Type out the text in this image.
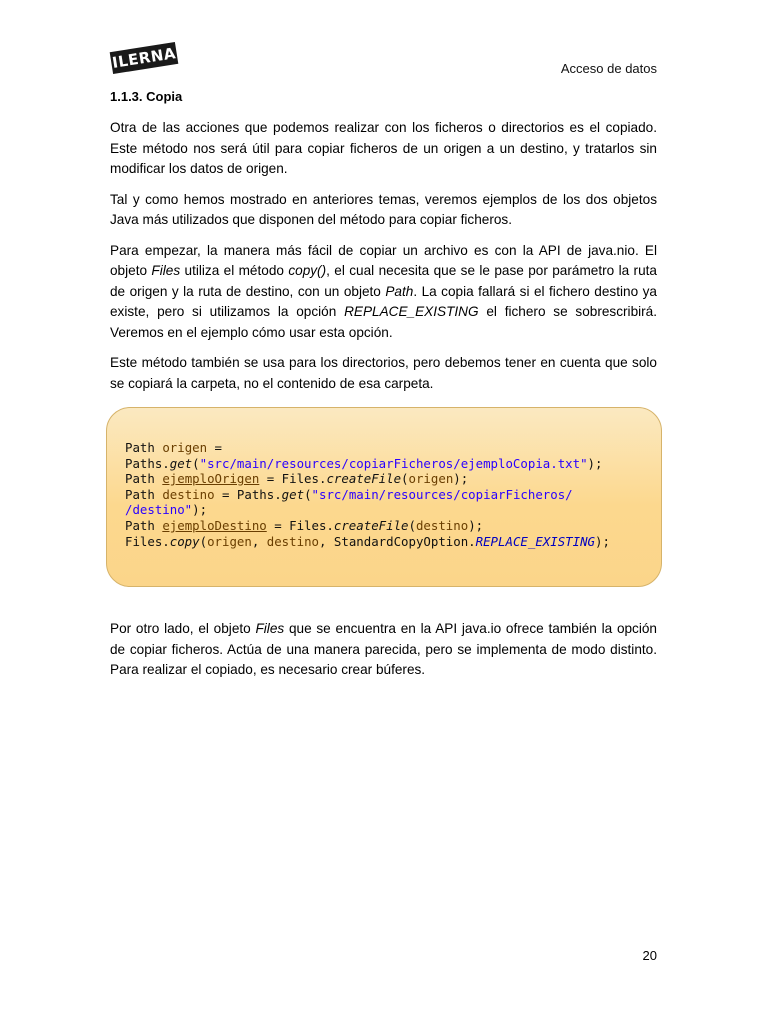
ILERNA	Acceso de datos
1.1.3. Copia

Otra de las acciones que podemos realizar con los ficheros o directorios es el copiado. Este método nos será útil para copiar ficheros de un origen a un destino, y tratarlos sin modificar los datos de origen.

Tal y como hemos mostrado en anteriores temas, veremos ejemplos de los dos objetos Java más utilizados que disponen del método para copiar ficheros.

Para empezar, la manera más fácil de copiar un archivo es con la API de java.nio. El objeto Files utiliza el método copy(), el cual necesita que se le pase por parámetro la ruta de origen y la ruta de destino, con un objeto Path. La copia fallará si el fichero destino ya existe, pero si utilizamos la opción REPLACE_EXISTING el fichero se sobrescribirá. Veremos en el ejemplo cómo usar esta opción.

Este método también se usa para los directorios, pero debemos tener en cuenta que solo se copiará la carpeta, no el contenido de esa carpeta.

Path origen =
Paths.get("src/main/resources/copiarFicheros/ejemploCopia.txt");
Path ejemploOrigen = Files.createFile(origen);
Path destino = Paths.get("src/main/resources/copiarFicheros/
/destino");
Path ejemploDestino = Files.createFile(destino);
Files.copy(origen, destino, StandardCopyOption.REPLACE_EXISTING);

Por otro lado, el objeto Files que se encuentra en la API java.io ofrece también la opción de copiar ficheros. Actúa de una manera parecida, pero se implementa de modo distinto. Para realizar el copiado, es necesario crear búferes.

20
